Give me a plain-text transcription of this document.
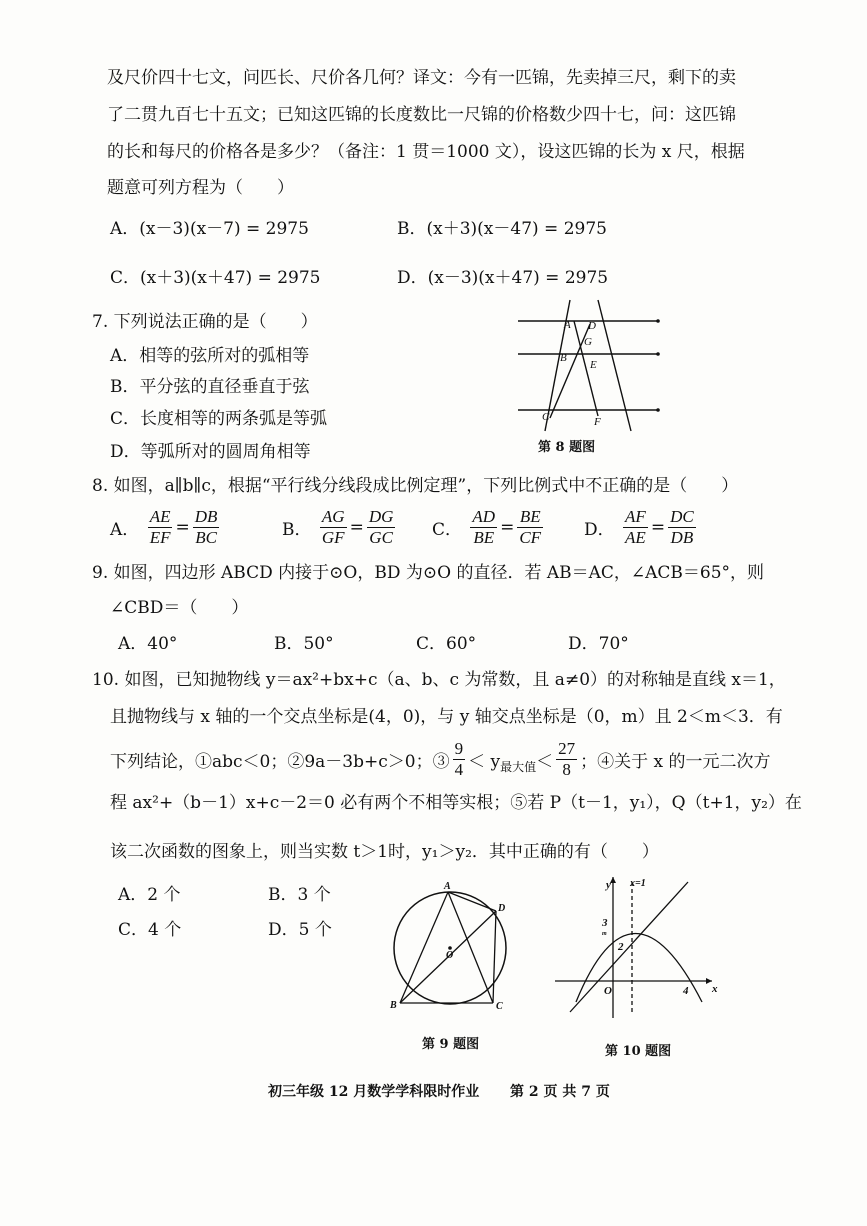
及尺价四十七文，问匹长、尺价各几何？译文：今有一匹锦，先卖掉三尺，剩下的卖
了二贯九百七十五文；已知这匹锦的长度数比一尺锦的价格数少四十七，问：这匹锦
的长和每尺的价格各是多少？（备注：1 贯＝1000 文），设这匹锦的长为 x 尺，根据
题意可列方程为（　　）
A．(x－3)(x－7) = 2975	B．(x＋3)(x－47) = 2975
C．(x＋3)(x＋47) = 2975	D．(x－3)(x＋47) = 2975
7. 下列说法正确的是（　　）
A．相等的弦所对的弧相等
B．平分弦的直径垂直于弦
C．长度相等的两条弧是等弧
D．等弧所对的圆周角相等
A D
G
B
E
C	F
第 8 题图
8. 如图，a∥b∥c，根据“平行线分线段成比例定理”，下列比例式中不正确的是（　　）
A． $\frac{AE}{EF} = \frac{DB}{BC}$	B． $\frac{AG}{GF} = \frac{DG}{GC}$ C． $\frac{AD}{BE} = \frac{BE}{CF}$ D． $\frac{AF}{AE} = \frac{DC}{DB}$
9. 如图，四边形 ABCD 内接于⊙O，BD 为⊙O 的直径．若 AB＝AC，∠ACB＝65°，则
∠CBD＝（　　）
A．40°	B．50°	C．60°	D．70°
10. 如图，已知抛物线 y＝ax²+bx+c（a、b、c 为常数，且 a≠0）的对称轴是直线 x＝1，
且抛物线与 x 轴的一个交点坐标是(4，0)，与 y 轴交点坐标是（0，m）且 2＜m＜3．有
下列结论，①abc＜0；②9a－3b+c＞0；③ $\frac{9}{4} < y_{最大值}< \frac{27}{8}$ ；④关于 x 的一元二次方
程 ax²+（b－1）x+c－2＝0 必有两个不相等实根；⑤若 P（t－1，y₁），Q（t+1，y₂）在
该二次函数的图象上，则当实数 t＞1时，y₁＞y₂．其中正确的有（　　）
A．2 个	B．3 个
C．4 个	D．5 个
A
B	C
D
O
第 9 题图
y
x
x=1
3
m
2
O	4
第 10 题图
初三年级 12 月数学学科限时作业 第 2 页 共 7 页
